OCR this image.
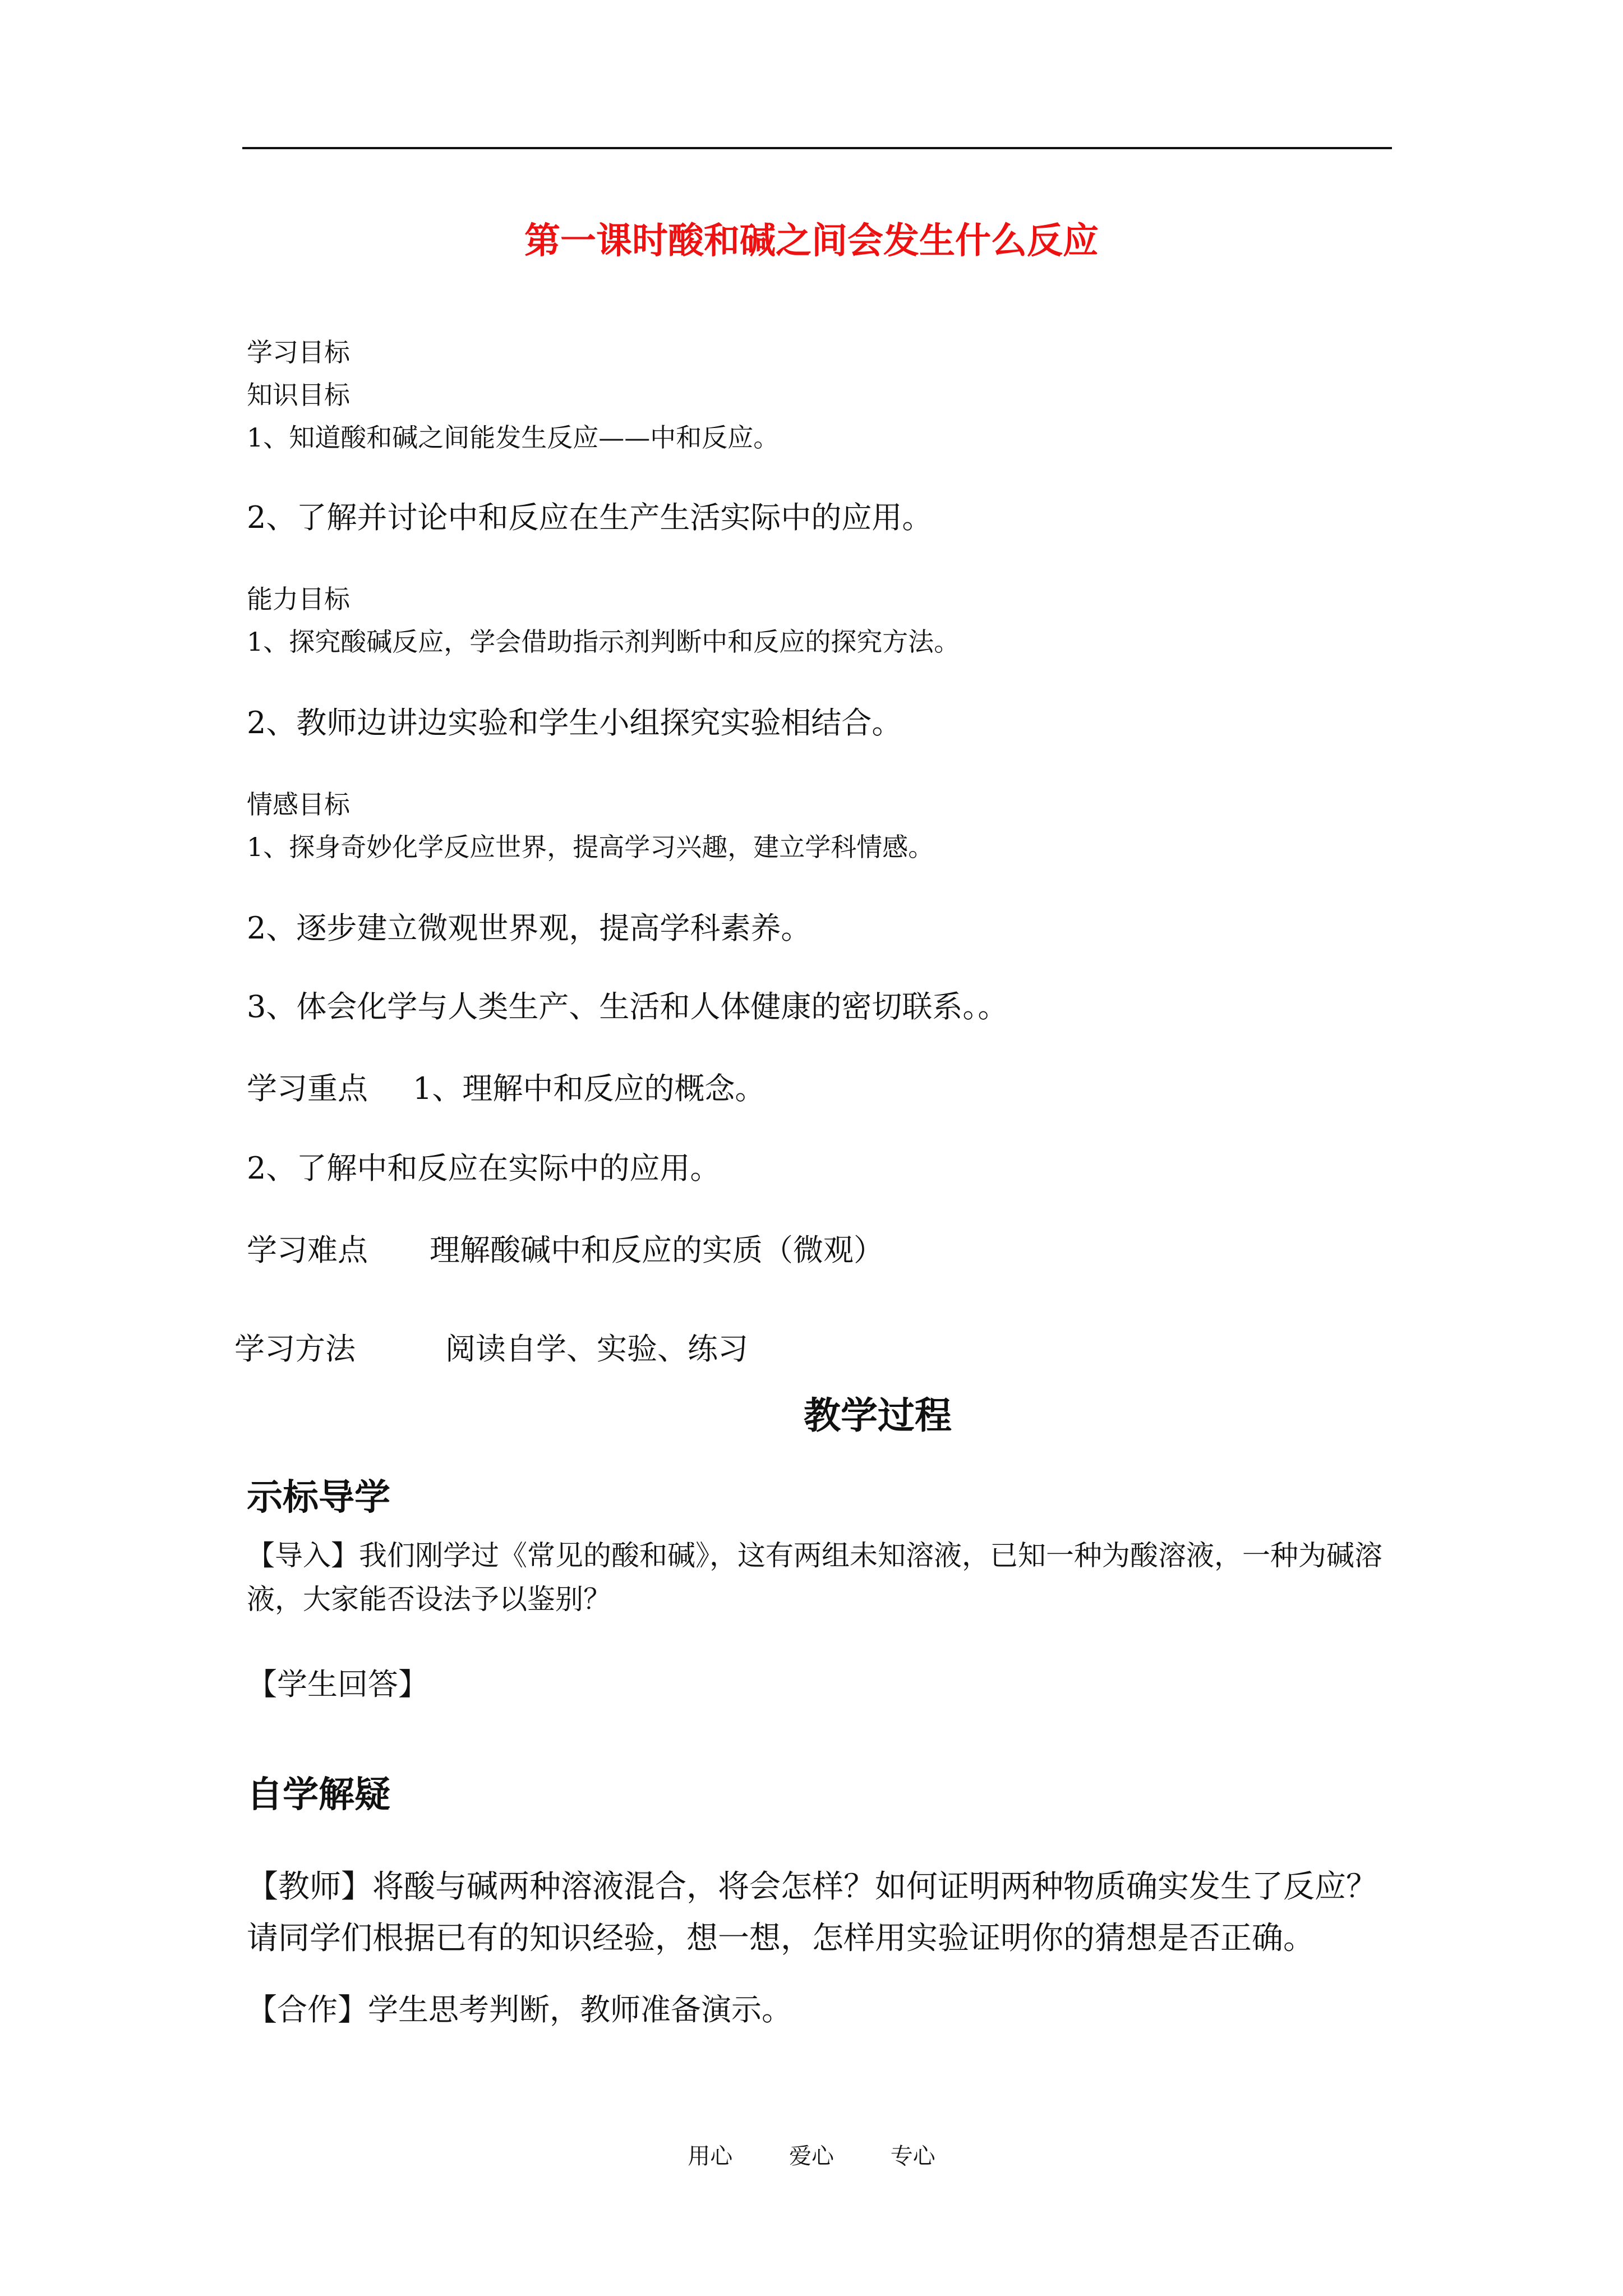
第一课时酸和碱之间会发生什么反应
学习目标
知识目标
1、知道酸和碱之间能发生反应——中和反应。
2、了解并讨论中和反应在生产生活实际中的应用。
能力目标
1、探究酸碱反应，学会借助指示剂判断中和反应的探究方法。
2、教师边讲边实验和学生小组探究实验相结合。
情感目标
1、探身奇妙化学反应世界，提高学习兴趣，建立学科情感。
2、逐步建立微观世界观，提高学科素养。
3、体会化学与人类生产、生活和人体健康的密切联系。。
学习重点 1、理解中和反应的概念。
2、了解中和反应在实际中的应用。
学习难点 理解酸碱中和反应的实质（微观）
学习方法	阅读自学、实验、练习
教学过程
示标导学
【导入】我们刚学过《常见的酸和碱》，这有两组未知溶液，已知一种为酸溶液，一种为碱溶液，大家能否设法予以鉴别？
【学生回答】
自学解疑
【教师】将酸与碱两种溶液混合，将会怎样？如何证明两种物质确实发生了反应？请同学们根据已有的知识经验，想一想，怎样用实验证明你的猜想是否正确。
【合作】学生思考判断，教师准备演示。
用心	爱心	专心
